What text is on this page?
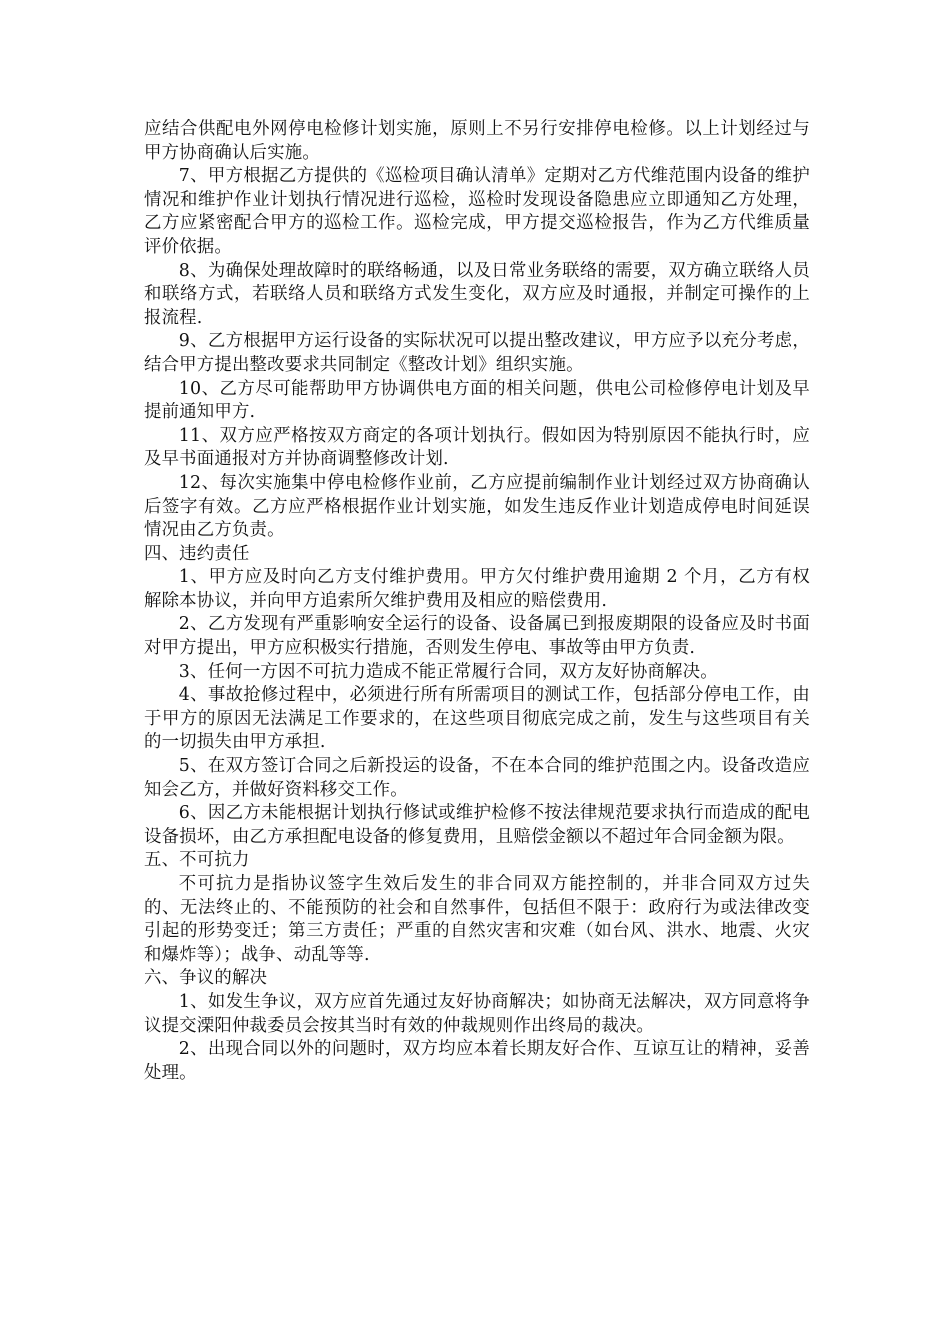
应结合供配电外网停电检修计划实施，原则上不另行安排停电检修。以上计划经过与甲方协商确认后实施。

7、甲方根据乙方提供的《巡检项目确认清单》定期对乙方代维范围内设备的维护情况和维护作业计划执行情况进行巡检，巡检时发现设备隐患应立即通知乙方处理，乙方应紧密配合甲方的巡检工作。巡检完成，甲方提交巡检报告，作为乙方代维质量评价依据。

8、为确保处理故障时的联络畅通，以及日常业务联络的需要，双方确立联络人员和联络方式，若联络人员和联络方式发生变化，双方应及时通报，并制定可操作的上报流程.

9、乙方根据甲方运行设备的实际状况可以提出整改建议，甲方应予以充分考虑，结合甲方提出整改要求共同制定《整改计划》组织实施。

10、乙方尽可能帮助甲方协调供电方面的相关问题，供电公司检修停电计划及早提前通知甲方.

11、双方应严格按双方商定的各项计划执行。假如因为特别原因不能执行时，应及早书面通报对方并协商调整修改计划.

12、每次实施集中停电检修作业前，乙方应提前编制作业计划经过双方协商确认后签字有效。乙方应严格根据作业计划实施，如发生违反作业计划造成停电时间延误情况由乙方负责。

四、违约责任

1、甲方应及时向乙方支付维护费用。甲方欠付维护费用逾期 2 个月，乙方有权解除本协议，并向甲方追索所欠维护费用及相应的赔偿费用.

2、乙方发现有严重影响安全运行的设备、设备属已到报废期限的设备应及时书面对甲方提出，甲方应积极实行措施，否则发生停电、事故等由甲方负责.

3、任何一方因不可抗力造成不能正常履行合同，双方友好协商解决。

4、事故抢修过程中，必须进行所有所需项目的测试工作，包括部分停电工作，由于甲方的原因无法满足工作要求的，在这些项目彻底完成之前，发生与这些项目有关的一切损失由甲方承担.

5、在双方签订合同之后新投运的设备，不在本合同的维护范围之内。设备改造应知会乙方，并做好资料移交工作。

6、因乙方未能根据计划执行修试或维护检修不按法律规范要求执行而造成的配电设备损坏，由乙方承担配电设备的修复费用，且赔偿金额以不超过年合同金额为限。

五、不可抗力

不可抗力是指协议签字生效后发生的非合同双方能控制的，并非合同双方过失的、无法终止的、不能预防的社会和自然事件，包括但不限于：政府行为或法律改变引起的形势变迁；第三方责任；严重的自然灾害和灾难（如台风、洪水、地震、火灾和爆炸等）；战争、动乱等等.

六、争议的解决

1、如发生争议，双方应首先通过友好协商解决；如协商无法解决，双方同意将争议提交溧阳仲裁委员会按其当时有效的仲裁规则作出终局的裁决。

2、出现合同以外的问题时，双方均应本着长期友好合作、互谅互让的精神，妥善处理。
